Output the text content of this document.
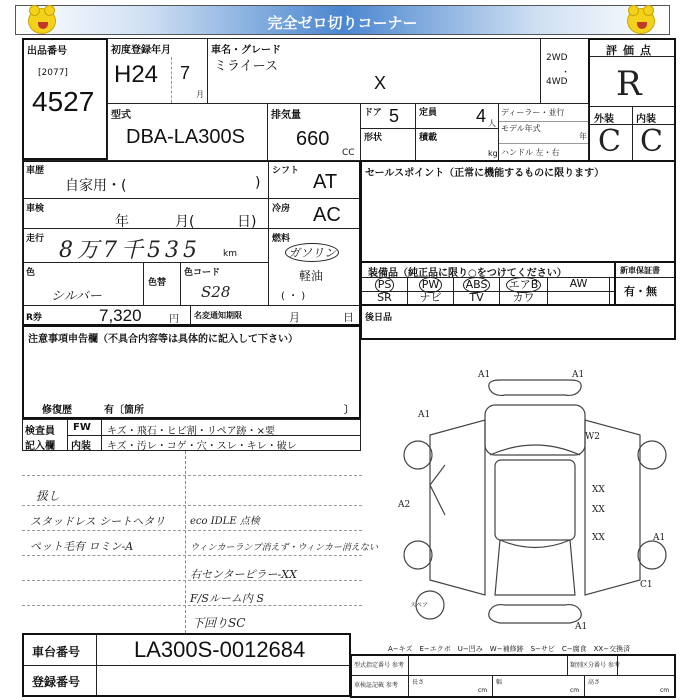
完全ゼロ切りコーナー
出品番号
[2077]
4527
初度登録年月
H24 7
月
車名・グレード
ミライース
X
2WD
・
4WD
評価点
R
外装 内装
C C
型式
DBA-LA300S
排気量
660
CC
ドア 5 定員 4 人
形状	積載
kg
ディーラー・並行
モデル年式
年
ハンドル 左・右
車歴
自家用・(	)
シフト AT
車検
年	月(	日)
冷房 AC
走行 8万7千535 km
燃料
ガソリン
軽油
( ・ )
色
シルバー
色替
色コード
S28
R券	7,320	円 名変通知期限	月	日
セールスポイント（正常に機能するものに限ります）
装備品（純正品に限り○をつけてください）
PS	PW	ABS	エアB	AW
SR	ナビ	TV	カワ
新車保証書
有・無
後日品
注意事項申告欄（不具合内容等は具体的に記入して下さい）
修復歴	有〔箇所	〕
検査員
記入欄
FW キズ・飛石・ヒビ割・リペア跡・×要
内装 キズ・汚レ・コゲ・穴・スレ・キレ・破レ
扱し
スタッドレス シートヘタリ
ペット毛有 ロミン-A
eco IDLE 点検
ウィンカーランプ消えず・ウィンカー消えない
右センターピラー-XX
F/Sルーム内 S
下回りSC
A1	A1
A1
W2
XX
XX
XX	A1
C1
A1
A2
スペア
車台番号 LA300S-0012684
登録番号
A−キズ　E−エクボ　U−凹み　W−補修跡　S−サビ　C−腐食　XX−交換済
型式指定番号 参考	類別区分番号 参考
車検証記載 参考 長さ
cm
幅
cm
高さ
cm
